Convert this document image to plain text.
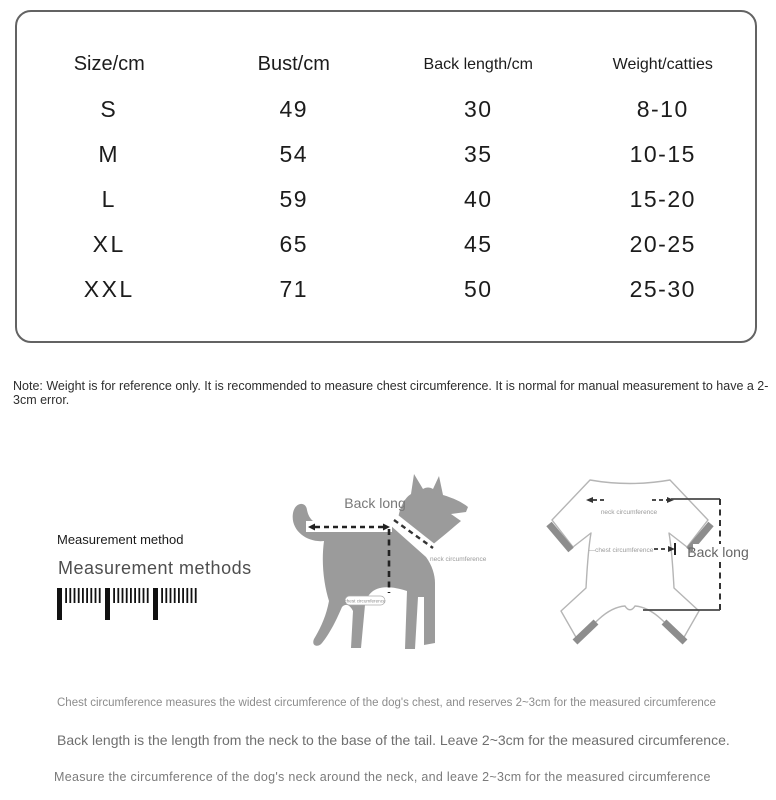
Size/cm	Bust/cm	Back length/cm	Weight/catties
S	49	30	8-10
M	54	35	10-15
L	59	40	15-20
XL	65	45	20-25
XXL	71	50	25-30
Note: Weight is for reference only. It is recommended to measure chest circumference. It is normal for manual measurement to have a 2-3cm error.
Measurement method
Measurement methods
Back long
neck circumference
chest circumference
neck circumference
—chest circumference Back long
Chest circumference measures the widest circumference of the dog's chest, and reserves 2~3cm for the measured circumference
Back length is the length from the neck to the base of the tail. Leave 2~3cm for the measured circumference.
Measure the circumference of the dog's neck around the neck, and leave 2~3cm for the measured circumference
